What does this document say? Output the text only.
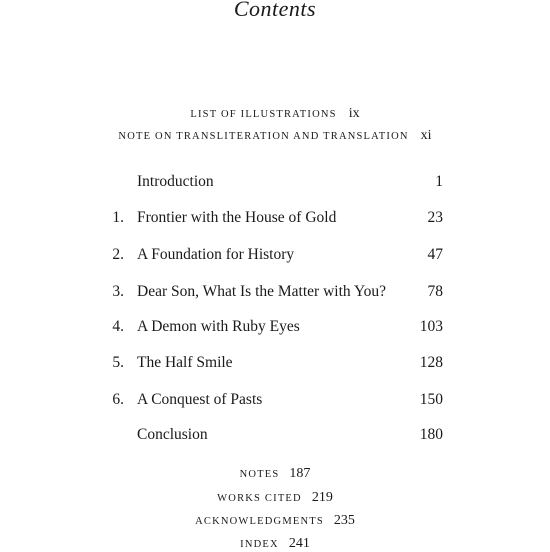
Contents
LIST OF ILLUSTRATIONS ix
NOTE ON TRANSLITERATION AND TRANSLATION xi
Introduction	1
1. Frontier with the House of Gold	23
2. A Foundation for History	47
3. Dear Son, What Is the Matter with You?	78
4. A Demon with Ruby Eyes	103
5. The Half Smile	128
6. A Conquest of Pasts	150
Conclusion	180
NOTES 187
WORKS CITED 219
ACKNOWLEDGMENTS 235
INDEX 241
